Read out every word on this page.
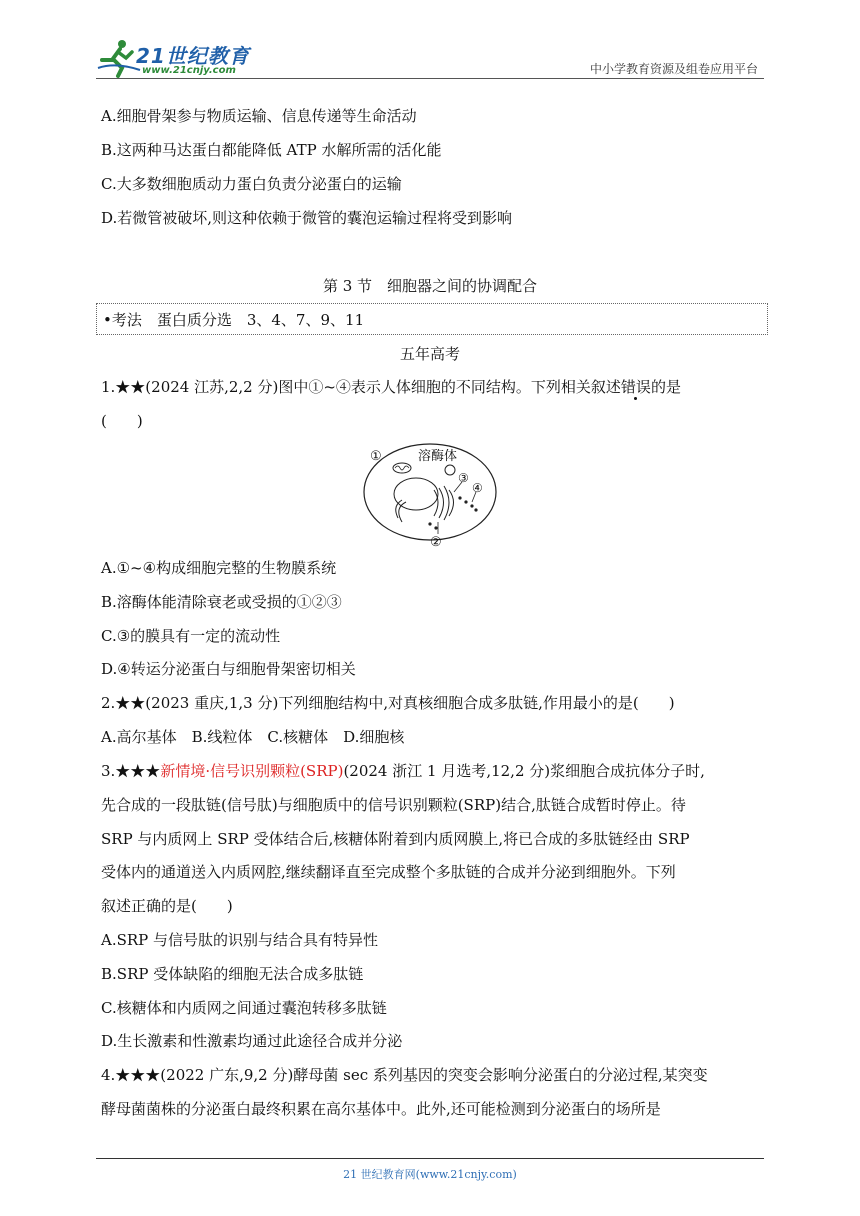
21世纪教育
www.21cnjy.com	中小学教育资源及组卷应用平台
A.细胞骨架参与物质运输、信息传递等生命活动
B.这两种马达蛋白都能降低 ATP 水解所需的活化能
C.大多数细胞质动力蛋白负责分泌蛋白的运输
D.若微管被破坏,则这种依赖于微管的囊泡运输过程将受到影响
第 3 节　细胞器之间的协调配合
•考法　蛋白质分选　3、4、7、9、11
五年高考
1.★★(2024 江苏,2,2 分)图中①~④表示人体细胞的不同结构。下列相关叙述错误的是
(　　)
①	溶酶体
③
④
②
A.①~④构成细胞完整的生物膜系统
B.溶酶体能清除衰老或受损的①②③
C.③的膜具有一定的流动性
D.④转运分泌蛋白与细胞骨架密切相关
2.★★(2023 重庆,1,3 分)下列细胞结构中,对真核细胞合成多肽链,作用最小的是(　　)
A.高尔基体　B.线粒体　C.核糖体　D.细胞核
3.★★★新情境·信号识别颗粒(SRP)(2024 浙江 1 月选考,12,2 分)浆细胞合成抗体分子时,
先合成的一段肽链(信号肽)与细胞质中的信号识别颗粒(SRP)结合,肽链合成暂时停止。待
SRP 与内质网上 SRP 受体结合后,核糖体附着到内质网膜上,将已合成的多肽链经由 SRP
受体内的通道送入内质网腔,继续翻译直至完成整个多肽链的合成并分泌到细胞外。下列
叙述正确的是(　　)
A.SRP 与信号肽的识别与结合具有特异性
B.SRP 受体缺陷的细胞无法合成多肽链
C.核糖体和内质网之间通过囊泡转移多肽链
D.生长激素和性激素均通过此途径合成并分泌
4.★★★(2022 广东,9,2 分)酵母菌 sec 系列基因的突变会影响分泌蛋白的分泌过程,某突变
酵母菌菌株的分泌蛋白最终积累在高尔基体中。此外,还可能检测到分泌蛋白的场所是
21 世纪教育网(www.21cnjy.com)
